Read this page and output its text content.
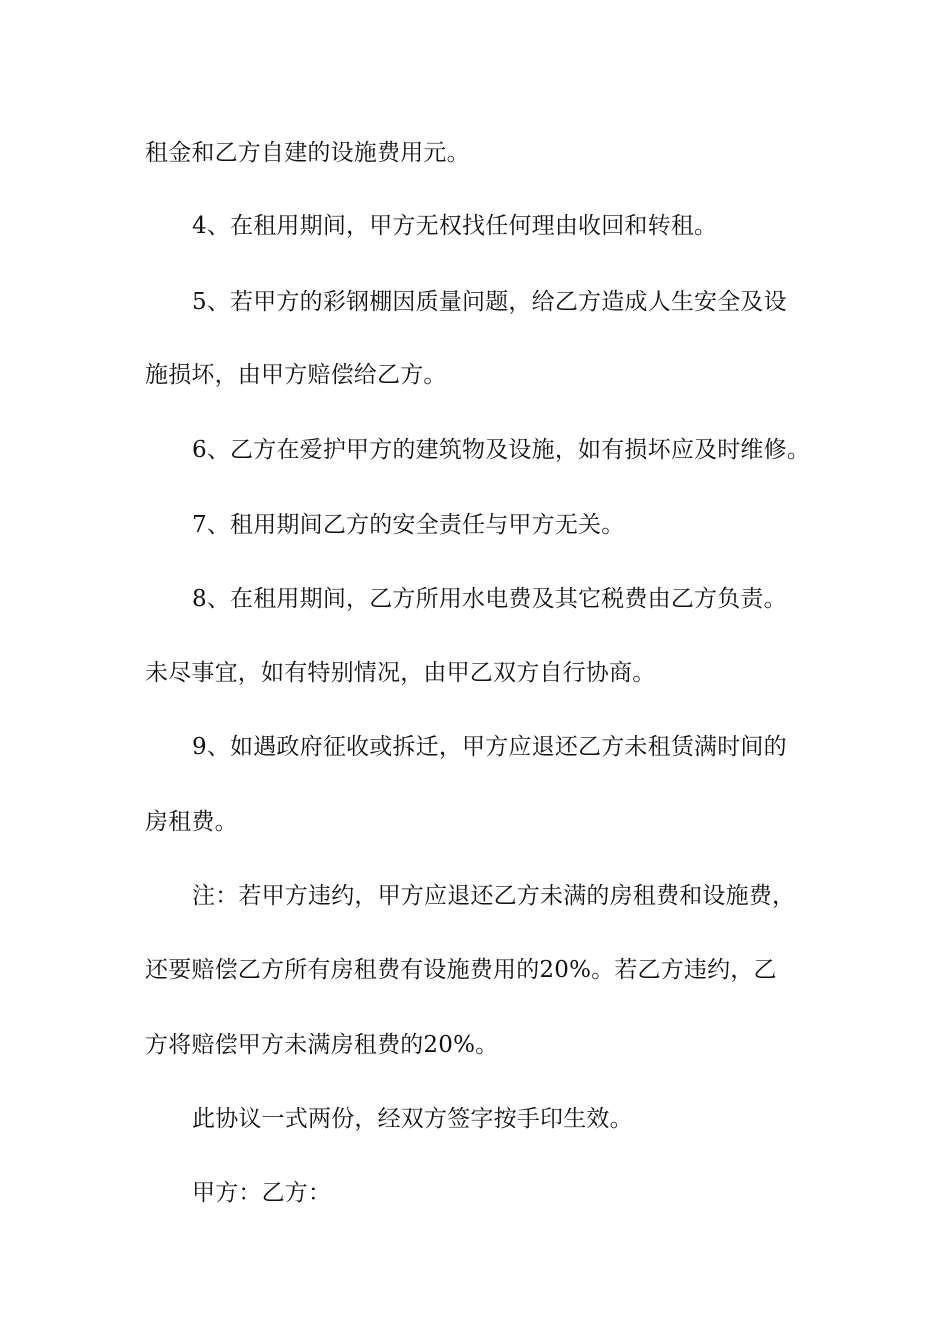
租金和乙方自建的设施费用元。
4、在租用期间，甲方无权找任何理由收回和转租。
5、若甲方的彩钢棚因质量问题，给乙方造成人生安全及设
施损坏，由甲方赔偿给乙方。
6、乙方在爱护甲方的建筑物及设施，如有损坏应及时维修。
7、租用期间乙方的安全责任与甲方无关。
8、在租用期间，乙方所用水电费及其它税费由乙方负责。
未尽事宜，如有特别情况，由甲乙双方自行协商。
9、如遇政府征收或拆迁，甲方应退还乙方未租赁满时间的
房租费。
注：若甲方违约，甲方应退还乙方未满的房租费和设施费，
还要赔偿乙方所有房租费有设施费用的20%。若乙方违约，乙
方将赔偿甲方未满房租费的20%。
此协议一式两份，经双方签字按手印生效。
甲方：乙方：
